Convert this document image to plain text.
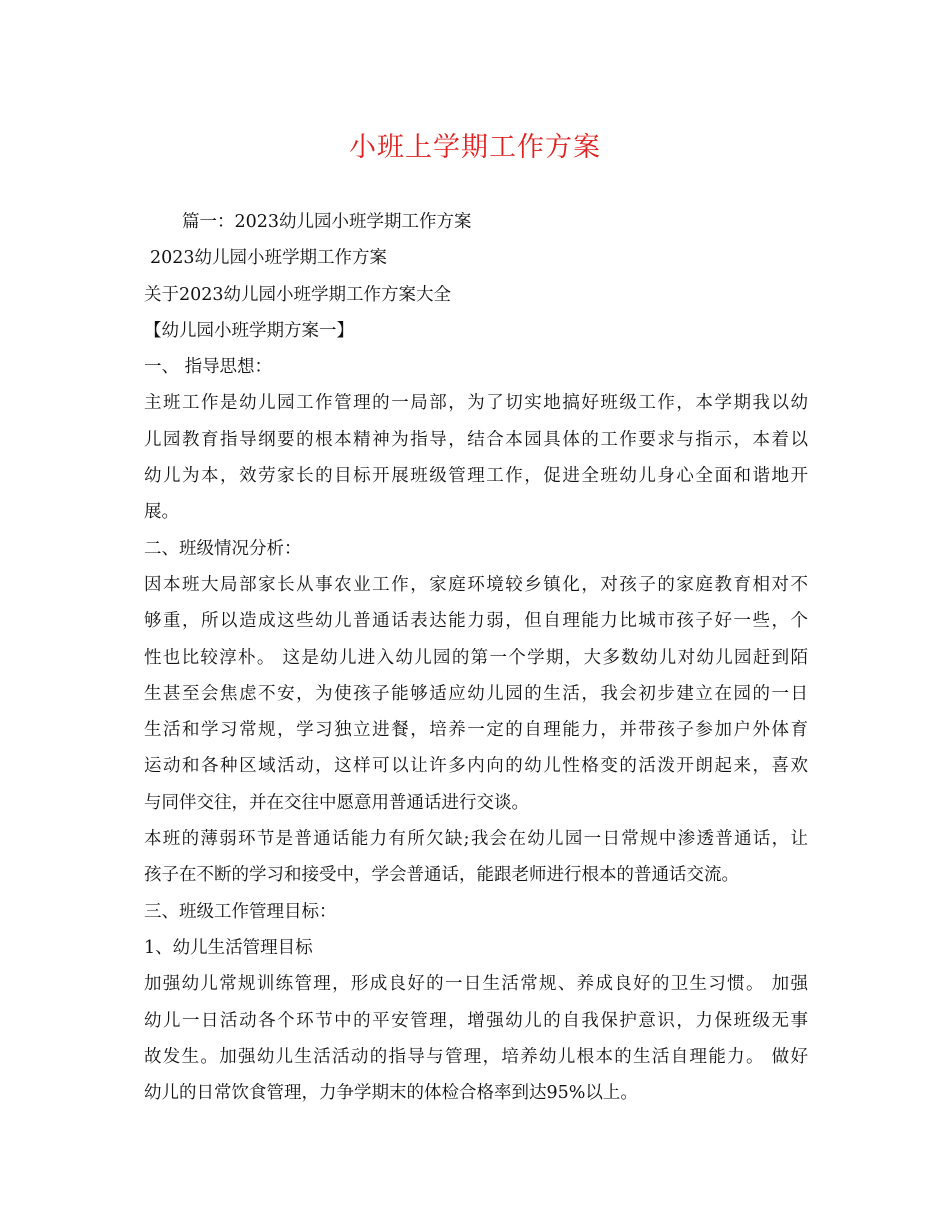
小班上学期工作方案

篇一：2023幼儿园小班学期工作方案

2023幼儿园小班学期工作方案

关于2023幼儿园小班学期工作方案大全

【幼儿园小班学期方案一】

一、 指导思想：

主班工作是幼儿园工作管理的一局部，为了切实地搞好班级工作，本学期我以幼

儿园教育指导纲要的根本精神为指导，结合本园具体的工作要求与指示，本着以

幼儿为本，效劳家长的目标开展班级管理工作，促进全班幼儿身心全面和谐地开

展。

二、班级情况分析：

因本班大局部家长从事农业工作，家庭环境较乡镇化，对孩子的家庭教育相对不

够重，所以造成这些幼儿普通话表达能力弱，但自理能力比城市孩子好一些，个

性也比较淳朴。 这是幼儿进入幼儿园的第一个学期，大多数幼儿对幼儿园赶到陌

生甚至会焦虑不安，为使孩子能够适应幼儿园的生活，我会初步建立在园的一日

生活和学习常规，学习独立进餐，培养一定的自理能力，并带孩子参加户外体育

运动和各种区域活动，这样可以让许多内向的幼儿性格变的活泼开朗起来，喜欢

与同伴交往，并在交往中愿意用普通话进行交谈。

本班的薄弱环节是普通话能力有所欠缺;我会在幼儿园一日常规中渗透普通话，让

孩子在不断的学习和接受中，学会普通话，能跟老师进行根本的普通话交流。

三、班级工作管理目标：

1、幼儿生活管理目标

加强幼儿常规训练管理，形成良好的一日生活常规、养成良好的卫生习惯。 加强

幼儿一日活动各个环节中的平安管理，增强幼儿的自我保护意识，力保班级无事

故发生。加强幼儿生活活动的指导与管理，培养幼儿根本的生活自理能力。 做好

幼儿的日常饮食管理，力争学期末的体检合格率到达95%以上。
